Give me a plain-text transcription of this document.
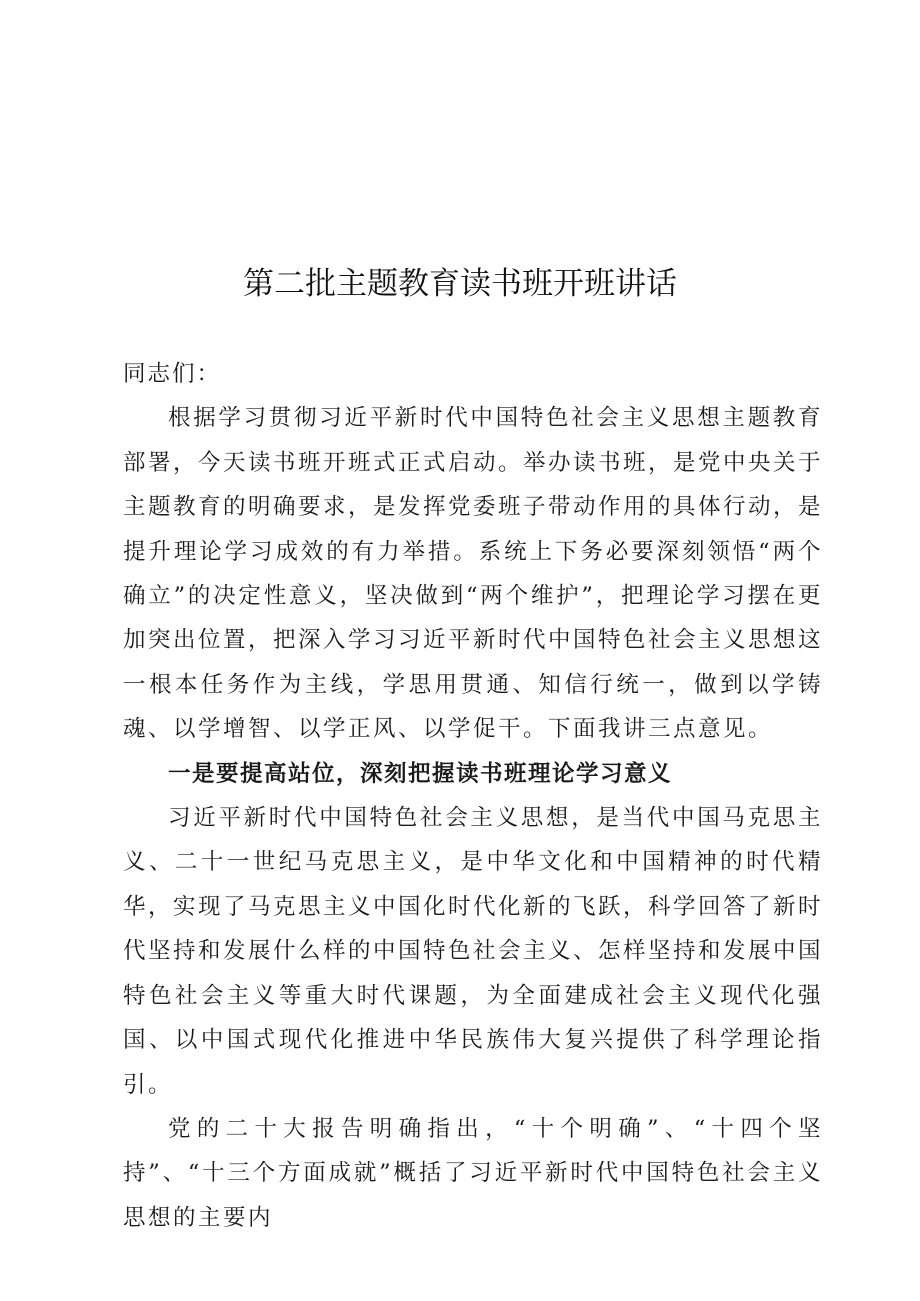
第二批主题教育读书班开班讲话

同志们：

根据学习贯彻习近平新时代中国特色社会主义思想主题教育部署，今天读书班开班式正式启动。举办读书班，是党中央关于主题教育的明确要求，是发挥党委班子带动作用的具体行动，是提升理论学习成效的有力举措。系统上下务必要深刻领悟“两个确立”的决定性意义，坚决做到“两个维护”，把理论学习摆在更加突出位置，把深入学习习近平新时代中国特色社会主义思想这一根本任务作为主线，学思用贯通、知信行统一，做到以学铸魂、以学增智、以学正风、以学促干。下面我讲三点意见。

一是要提高站位，深刻把握读书班理论学习意义

习近平新时代中国特色社会主义思想，是当代中国马克思主义、二十一世纪马克思主义，是中华文化和中国精神的时代精华，实现了马克思主义中国化时代化新的飞跃，科学回答了新时代坚持和发展什么样的中国特色社会主义、怎样坚持和发展中国特色社会主义等重大时代课题，为全面建成社会主义现代化强国、以中国式现代化推进中华民族伟大复兴提供了科学理论指引。

党的二十大报告明确指出，“十个明确”、“十四个坚持”、“十三个方面成就”概括了习近平新时代中国特色社会主义思想的主要内
